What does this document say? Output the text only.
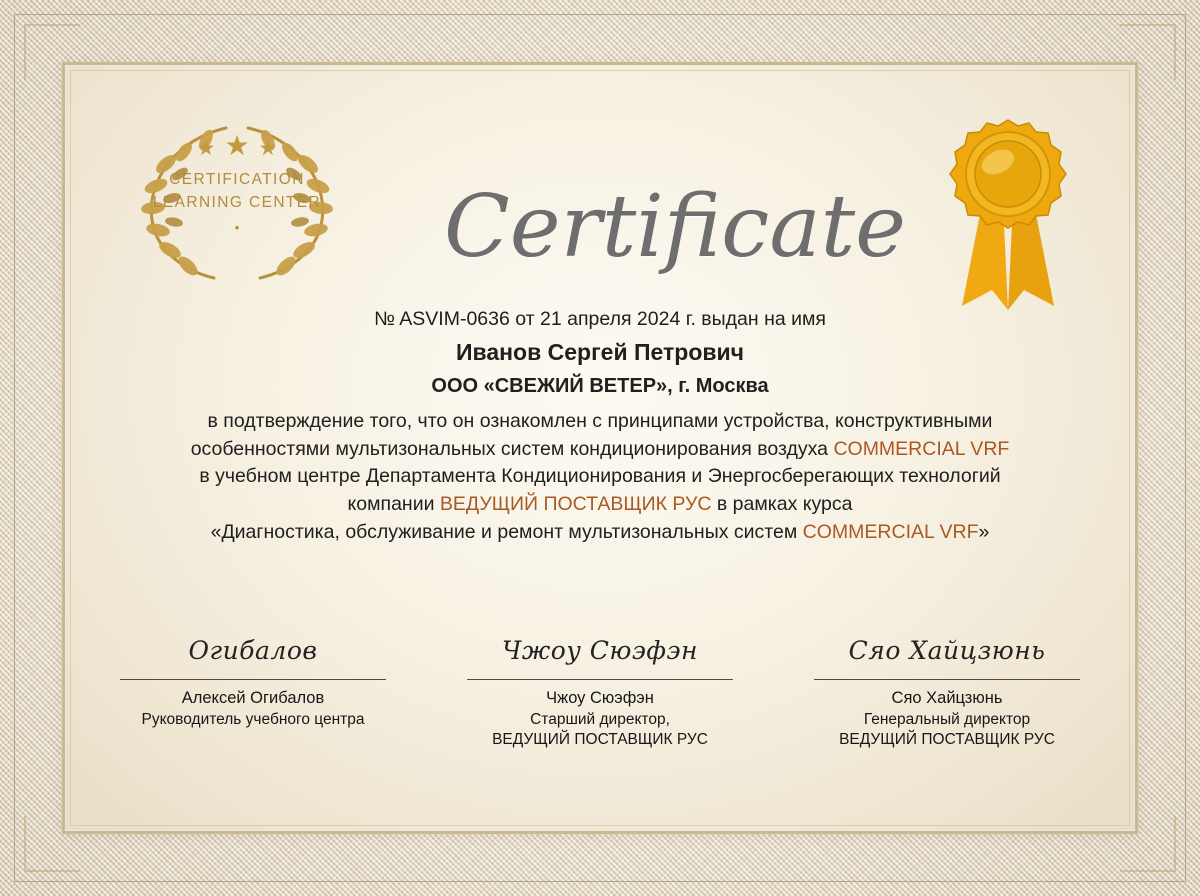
★★★
CERTIFICATION
LEARNING CENTER
•	Certificate
№ ASVIM-0636 от 21 апреля 2024 г. выдан на имя
Иванов Сергей Петрович
ООО «СВЕЖИЙ ВЕТЕР», г. Москва
в подтверждение того, что он ознакомлен с принципами устройства, конструктивными
особенностями мультизональных систем кондиционирования воздуха COMMERCIAL VRF
в учебном центре Департамента Кондиционирования и Энергосберегающих технологий
компании ВЕДУЩИЙ ПОСТАВЩИК РУС в рамках курса
«Диагностика, обслуживание и ремонт мультизональных систем COMMERCIAL VRF»
Огибалов
Алексей Огибалов
Руководитель учебного центра
Чжоу Сюэфэн
Чжоу Сюэфэн
Старший директор,
ВЕДУЩИЙ ПОСТАВЩИК РУС
Сяо Хайцзюнь
Сяо Хайцзюнь
Генеральный директор
ВЕДУЩИЙ ПОСТАВЩИК РУС
